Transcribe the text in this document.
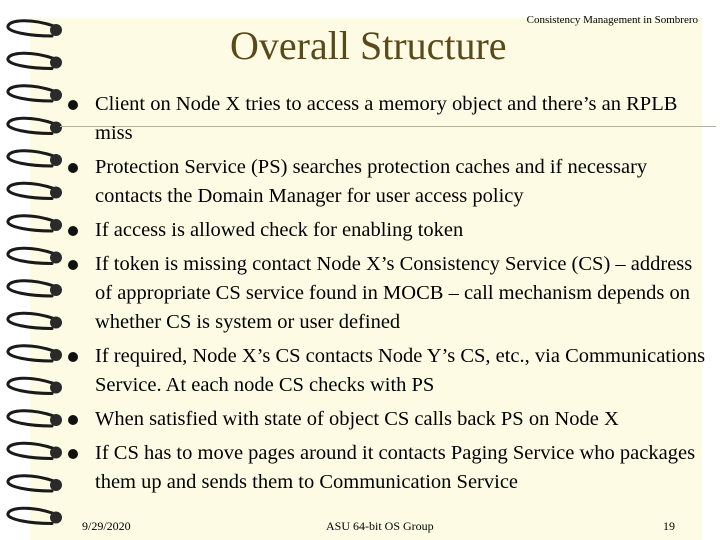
Consistency Management in Sombrero
Overall Structure
Client on Node X tries to access a memory object and there’s an RPLB miss
Protection Service (PS) searches protection caches and if necessary contacts the Domain Manager for user access policy
If access is allowed check for enabling token
If token is missing contact Node X’s Consistency Service (CS) – address of appropriate CS service found in MOCB – call mechanism depends on whether CS is system or user defined
If required, Node X’s CS contacts Node Y’s CS, etc., via Communications Service. At each node CS checks with PS
When satisfied with state of object CS calls back PS on Node X
If CS has to move pages around it contacts Paging Service who packages them up and sends them to Communication Service
9/29/2020	ASU 64-bit OS Group	19
